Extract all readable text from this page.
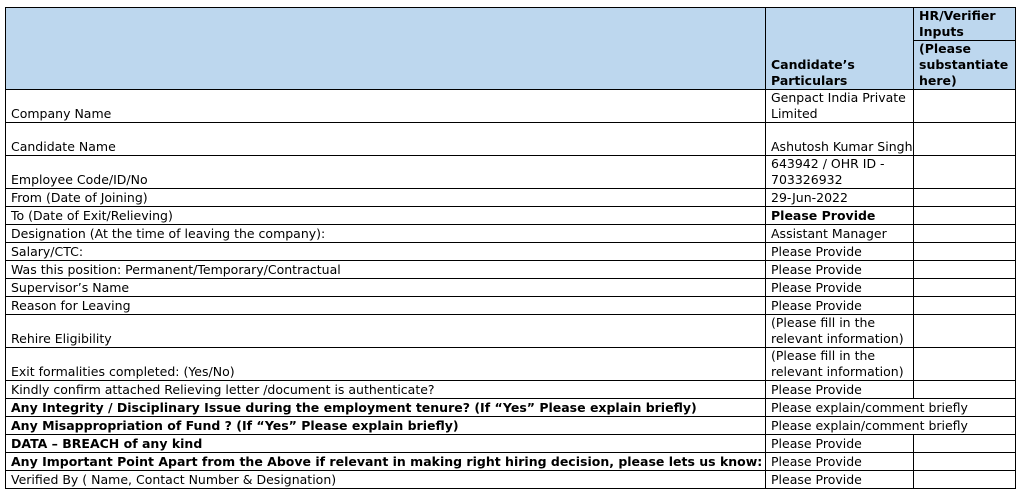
	Candidate’s Particulars	HR/Verifier Inputs

		(Please substantiate here)
Company Name	Genpact India Private Limited	
Candidate Name	Ashutosh Kumar Singh	
Employee Code/ID/No	643942 / OHR ID - 703326932	
From (Date of Joining)	29-Jun-2022	
To (Date of Exit/Relieving)	Please Provide	
Designation (At the time of leaving the company):	Assistant Manager	
Salary/CTC:	Please Provide	
Was this position: Permanent/Temporary/Contractual	Please Provide	
Supervisor’s Name	Please Provide	
Reason for Leaving	Please Provide	
Rehire Eligibility	(Please fill in the relevant information)	
Exit formalities completed: (Yes/No)	(Please fill in the relevant information)	
Kindly confirm attached Relieving letter /document is authenticate?	Please Provide	
Any Integrity / Disciplinary Issue during the employment tenure? (If “Yes” Please explain briefly)	Please explain/comment briefly	
Any Misappropriation of Fund ? (If “Yes” Please explain briefly)	Please explain/comment briefly	
DATA – BREACH of any kind	Please Provide	
Any Important Point Apart from the Above if relevant in making right hiring decision, please lets us know:	Please Provide	
Verified By ( Name, Contact Number & Designation)	Please Provide	
